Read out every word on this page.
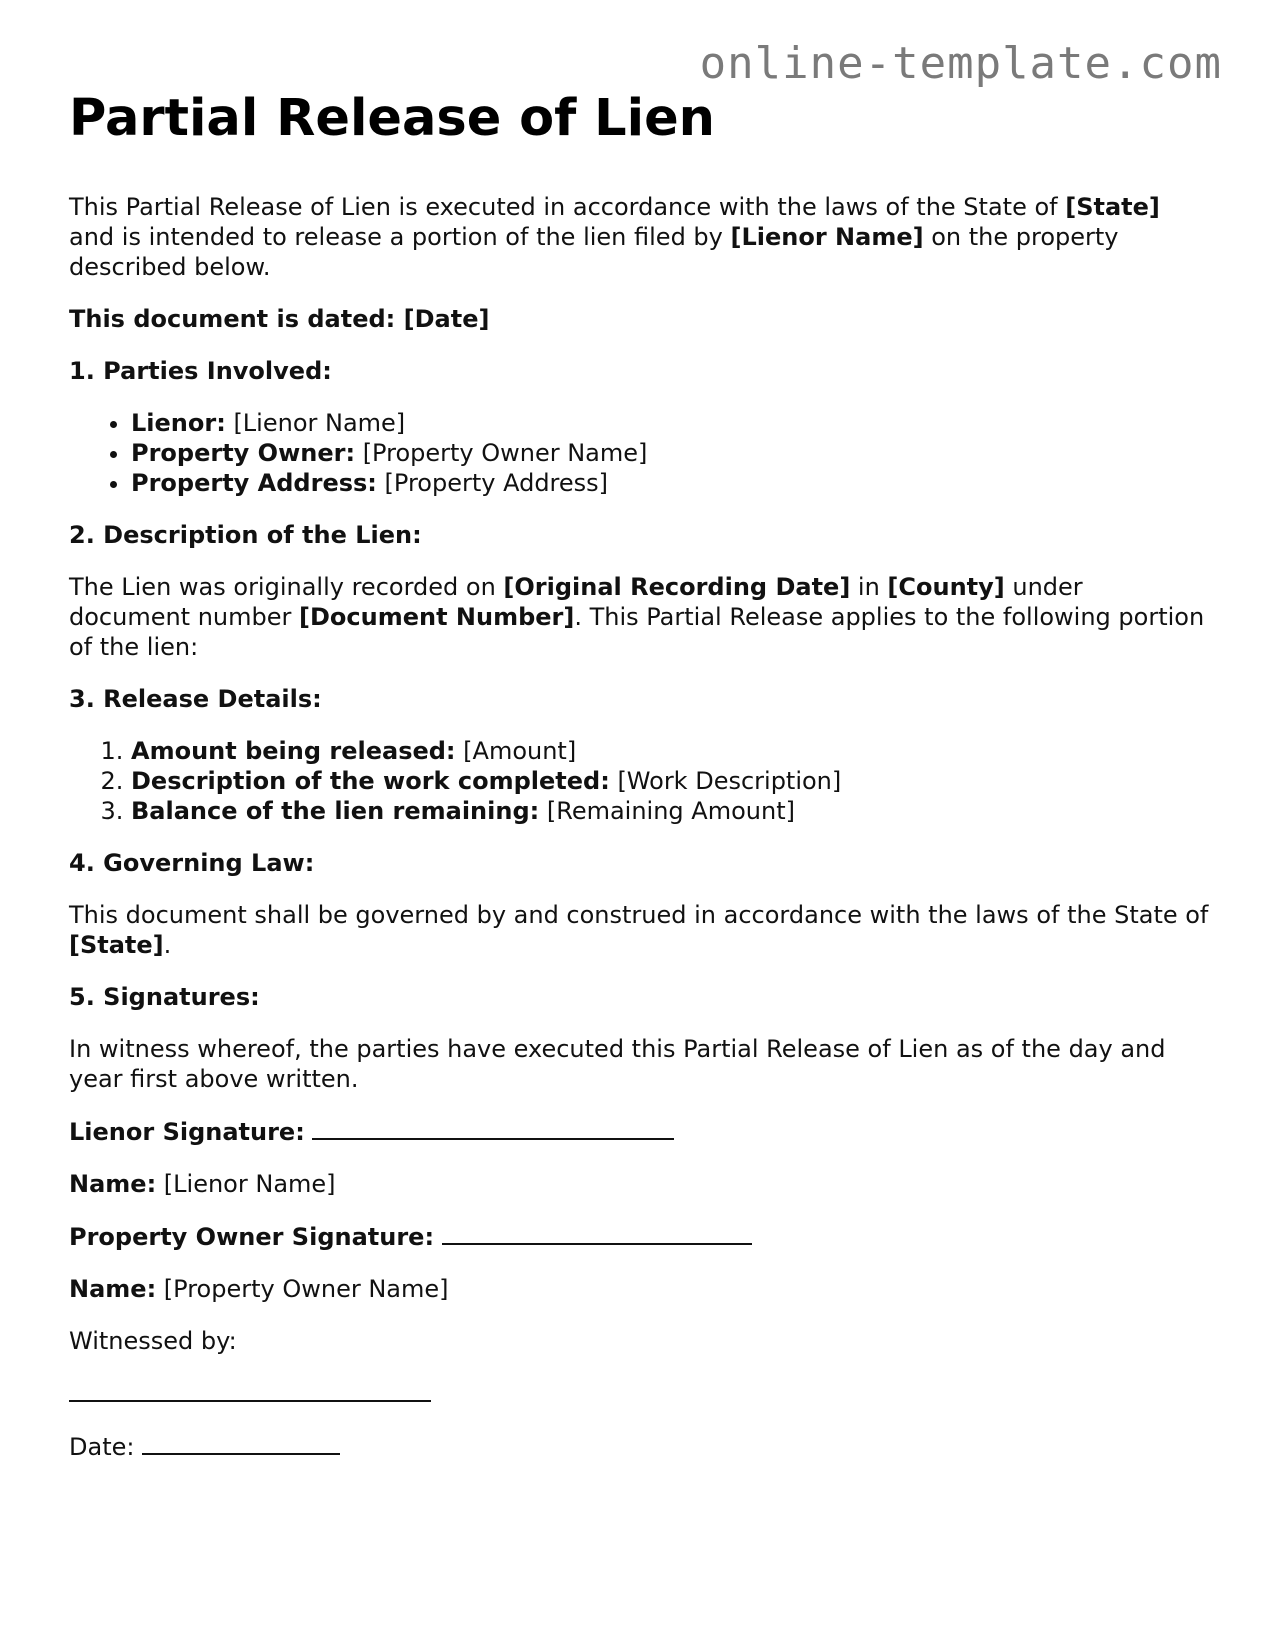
online-template.com
Partial Release of Lien

This Partial Release of Lien is executed in accordance with the laws of the State of [State] and is intended to release a portion of the lien filed by [Lienor Name] on the property described below.

This document is dated: [Date]

1. Parties Involved:

• Lienor: [Lienor Name]
• Property Owner: [Property Owner Name]
• Property Address: [Property Address]

2. Description of the Lien:

The Lien was originally recorded on [Original Recording Date] in [County] under document number [Document Number]. This Partial Release applies to the following portion of the lien:

3. Release Details:

1. Amount being released: [Amount]
2. Description of the work completed: [Work Description]
3. Balance of the lien remaining: [Remaining Amount]

4. Governing Law:

This document shall be governed by and construed in accordance with the laws of the State of [State].

5. Signatures:

In witness whereof, the parties have executed this Partial Release of Lien as of the day and year first above written.

Lienor Signature:

Name: [Lienor Name]

Property Owner Signature:

Name: [Property Owner Name]

Witnessed by:

Date:
